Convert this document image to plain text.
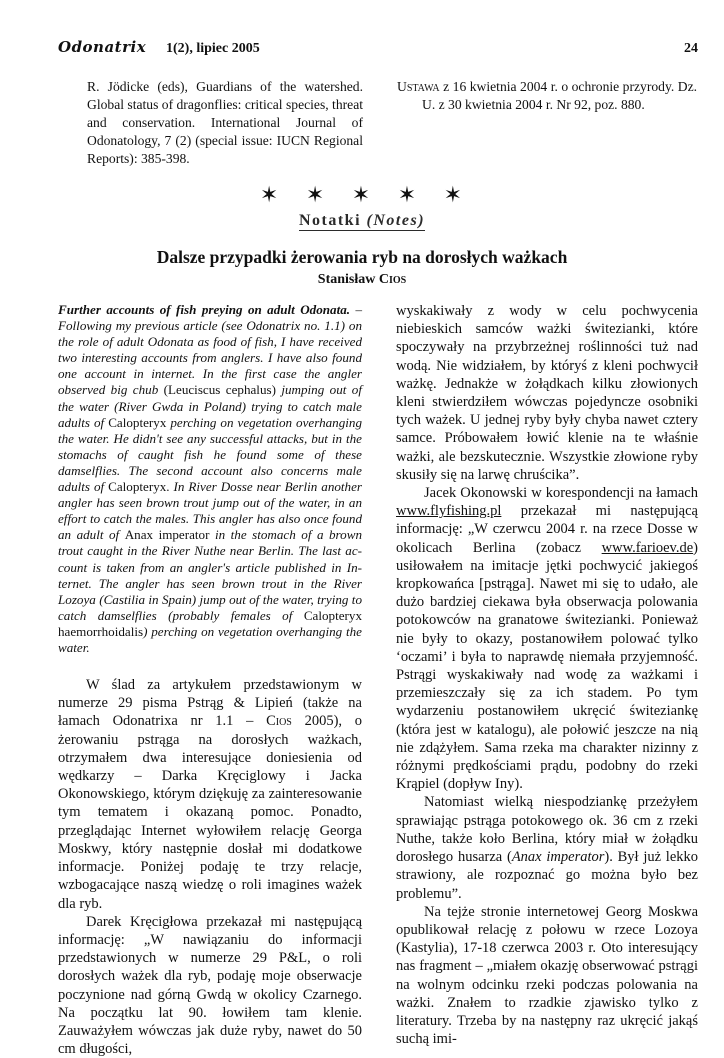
Odonatrix 1(2), lipiec 2005	24

R. Jödicke (eds), Guardians of the watershed. Global status of dragonflies: critical species, threat and conservation. International Journal of Odonatology, 7 (2) (special issue: IUCN Regional Reports): 385-398.

Ustawa z 16 kwietnia 2004 r. o ochronie przyrody. Dz. U. z 30 kwietnia 2004 r. Nr 92, poz. 880.

✶ ✶ ✶ ✶ ✶
Notatki (Notes)
Dalsze przypadki żerowania ryb na dorosłych ważkach
Stanisław Cios

Further accounts of fish preying on adult Odonata. – Following my previous article (see Odonatrix no. 1.1) on the role of adult Odonata as food of fish, I have received two interesting accounts from anglers. I have also found one account in internet. In the first case the angler observed big chub (Leuciscus cephalus) jumping out of the water (River Gwda in Poland) trying to catch male adults of Calopteryx perching on vegetation overhanging the water. He didn't see any successful attacks, but in the stomachs of caught fish he found some of these damselflies. The second account also concerns male adults of Calopteryx. In River Dosse near Berlin another angler has seen brown trout jump out of the water, in an effort to catch the males. This angler has also once found an adult of Anax imperator in the stomach of a brown trout caught in the River Nuthe near Berlin. The last ac-count is taken from an angler's article published in In-ternet. The angler has seen brown trout in the River Lozoya (Castilia in Spain) jump out of the water, trying to catch damselflies (probably females of Calopteryx haemorrhoidalis) perching on vegetation overhanging the water.

W ślad za artykułem przedstawionym w numerze 29 pisma Pstrąg & Lipień (także na łamach Odonatrixa nr 1.1 – Cios 2005), o żerowaniu pstrąga na dorosłych ważkach, otrzymałem dwa interesujące doniesienia od wędkarzy – Darka Kręciglowy i Jacka Okonowskiego, którym dziękuję za zainteresowanie tym tematem i okazaną pomoc. Ponadto, przeglądając Internet wyłowiłem relację Georga Moskwy, który następnie dosłał mi dodatkowe informacje. Poniżej podaję te trzy relacje, wzbogacające naszą wiedzę o roli imagines ważek dla ryb.

Darek Kręcigłowa przekazał mi następującą informację: „W nawiązaniu do informacji przedstawionych w numerze 29 P&L, o roli dorosłych ważek dla ryb, podaję moje obserwacje poczynione nad górną Gwdą w okolicy Czarnego. Na początku lat 90. łowiłem tam klenie. Zauważyłem wówczas jak duże ryby, nawet do 50 cm długości,

wyskakiwały z wody w celu pochwycenia niebieskich samców ważki świtezianki, które spoczywały na przybrzeżnej roślinności tuż nad wodą. Nie widziałem, by któryś z kleni pochwycił ważkę. Jednakże w żołądkach kilku złowionych kleni stwierdziłem wówczas pojedyncze osobniki tych ważek. U jednej ryby były chyba nawet cztery samce. Próbowałem łowić klenie na te właśnie ważki, ale bezskutecznie. Wszystkie złowione ryby skusiły się na larwę chruścika”.

Jacek Okonowski w korespondencji na łamach www.flyfishing.pl przekazał mi następującą informację: „W czerwcu 2004 r. na rzece Dosse w okolicach Berlina (zobacz www.farioev.de) usiłowałem na imitacje jętki pochwycić jakiegoś kropkowańca [pstrąga]. Nawet mi się to udało, ale dużo bardziej ciekawa była obserwacja polowania potokowców na granatowe świtezianki. Ponieważ nie były to okazy, postanowiłem polować tylko ‘oczami’ i była to naprawdę niemała przyjemność. Pstrągi wyskakiwały nad wodę za ważkami i przemieszczały się za ich stadem. Po tym wydarzeniu postanowiłem ukręcić świteziankę (która jest w katalogu), ale połowić jeszcze na nią nie zdążyłem. Sama rzeka ma charakter nizinny z różnymi prędkościami prądu, podobny do rzeki Krąpiel (dopływ Iny).

Natomiast wielką niespodziankę przeżyłem sprawiając pstrąga potokowego ok. 36 cm z rzeki Nuthe, także koło Berlina, który miał w żołądku dorosłego husarza (Anax imperator). Był już lekko strawiony, ale rozpoznać go można było bez problemu”.

Na tejże stronie internetowej Georg Moskwa opublikował relację z połowu w rzece Lozoya (Kastylia), 17-18 czerwca 2003 r. Oto interesujący nas fragment – „miałem okazję obserwować pstrągi na wolnym odcinku rzeki podczas polowania na ważki. Znałem to rzadkie zjawisko tylko z literatury. Trzeba by na następny raz ukręcić jakąś suchą imi-
